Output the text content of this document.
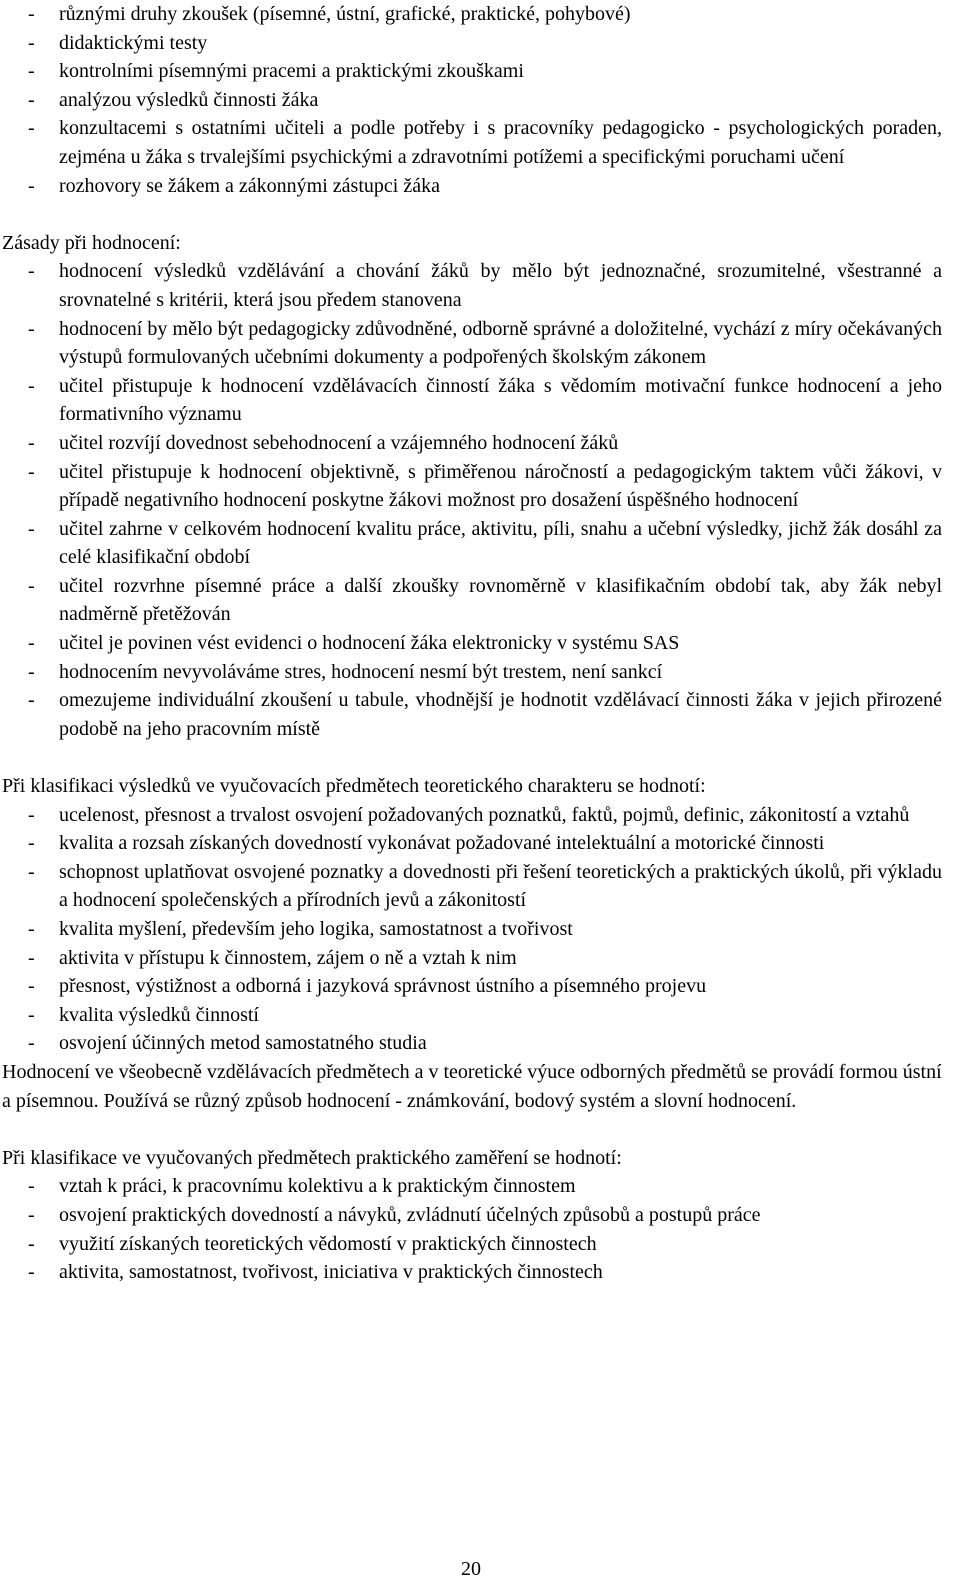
- různými druhy zkoušek (písemné, ústní, grafické, praktické, pohybové)
- didaktickými testy
- kontrolními písemnými pracemi a praktickými zkouškami
- analýzou výsledků činnosti žáka
- konzultacemi s ostatními učiteli a podle potřeby i s pracovníky pedagogicko - psychologických poraden, zejména u žáka s trvalejšími psychickými a zdravotními potížemi a specifickými poruchami učení
- rozhovory se žákem a zákonnými zástupci žáka

Zásady při hodnocení:

- hodnocení výsledků vzdělávání a chování žáků by mělo být jednoznačné, srozumitelné, všestranné a srovnatelné s kritérii, která jsou předem stanovena
- hodnocení by mělo být pedagogicky zdůvodněné, odborně správné a doložitelné, vychází z míry očekávaných výstupů formulovaných učebními dokumenty a podpořených školským zákonem
- učitel přistupuje k hodnocení vzdělávacích činností žáka s vědomím motivační funkce hodnocení a jeho formativního významu
- učitel rozvíjí dovednost sebehodnocení a vzájemného hodnocení žáků
- učitel přistupuje k hodnocení objektivně, s přiměřenou náročností a pedagogickým taktem vůči žákovi, v případě negativního hodnocení poskytne žákovi možnost pro dosažení úspěšného hodnocení
- učitel zahrne v celkovém hodnocení kvalitu práce, aktivitu, píli, snahu a učební výsledky, jichž žák dosáhl za celé klasifikační období
- učitel rozvrhne písemné práce a další zkoušky rovnoměrně v klasifikačním období tak, aby žák nebyl nadměrně přetěžován
- učitel je povinen vést evidenci o hodnocení žáka elektronicky v systému SAS
- hodnocením nevyvoláváme stres, hodnocení nesmí být trestem, není sankcí
- omezujeme individuální zkoušení u tabule, vhodnější je hodnotit vzdělávací činnosti žáka v jejich přirozené podobě na jeho pracovním místě

Při klasifikaci výsledků ve vyučovacích předmětech teoretického charakteru se hodnotí:

- ucelenost, přesnost a trvalost osvojení požadovaných poznatků, faktů, pojmů, definic, zákonitostí a vztahů
- kvalita a rozsah získaných dovedností vykonávat požadované intelektuální a motorické činnosti
- schopnost uplatňovat osvojené poznatky a dovednosti při řešení teoretických a praktických úkolů, při výkladu a hodnocení společenských a přírodních jevů a zákonitostí
- kvalita myšlení, především jeho logika, samostatnost a tvořivost
- aktivita v přístupu k činnostem, zájem o ně a vztah k nim
- přesnost, výstižnost a odborná i jazyková správnost ústního a písemného projevu
- kvalita výsledků činností
- osvojení účinných metod samostatného studia

Hodnocení ve všeobecně vzdělávacích předmětech a v teoretické výuce odborných předmětů se provádí formou ústní a písemnou. Používá se různý způsob hodnocení - známkování, bodový systém a slovní hodnocení.

Při klasifikace ve vyučovaných předmětech praktického zaměření se hodnotí:

- vztah k práci, k pracovnímu kolektivu a k praktickým činnostem
- osvojení praktických dovedností a návyků, zvládnutí účelných způsobů a postupů práce
- využití získaných teoretických vědomostí v praktických činnostech
- aktivita, samostatnost, tvořivost, iniciativa v praktických činnostech
20
